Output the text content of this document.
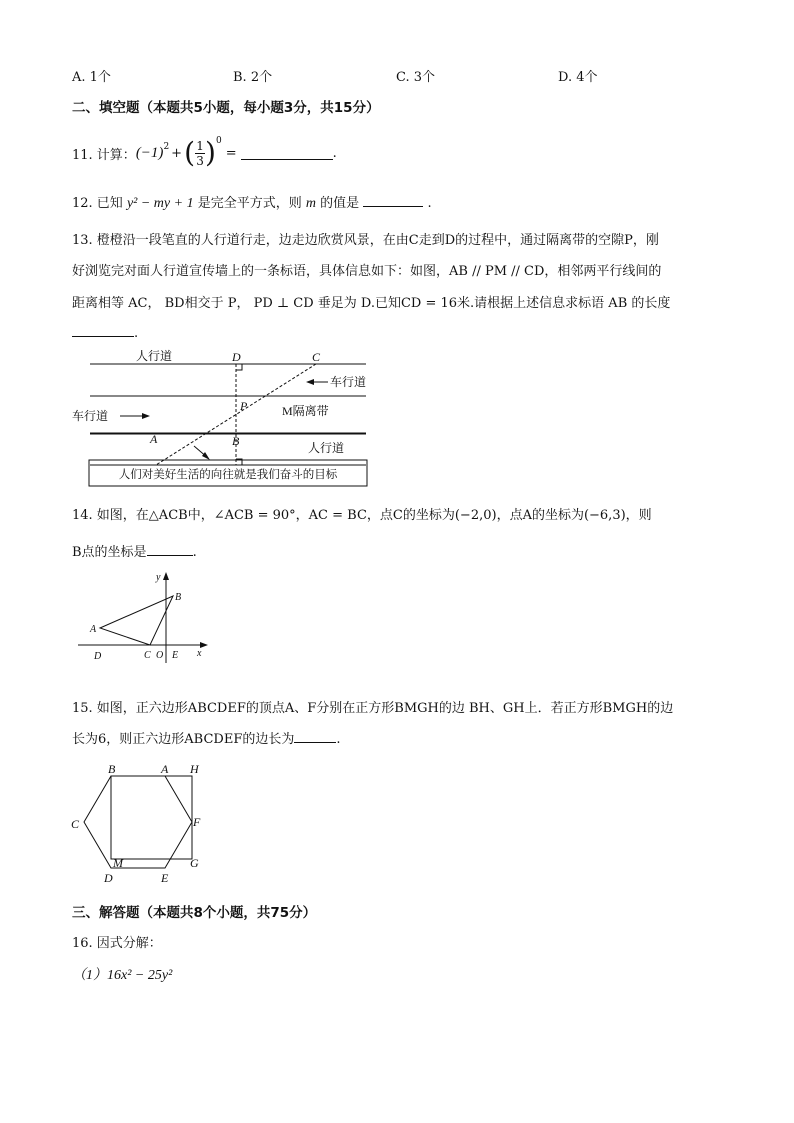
A. 1个	B. 2个	C. 3个	D. 4个
二、填空题（本题共5小题，每小题3分，共15分）
11. 计算： $(-1)^2$ + ( 1
3 )$^0$
=	.
12. 已知 y² − my + 1 是完全平方式，则 m 的值是	.
13. 橙橙沿一段笔直的人行道行走，边走边欣赏风景，在由C走到D的过程中，通过隔离带的空隙P，刚
好浏览完对面人行道宣传墙上的一条标语，具体信息如下：如图，AB // PM // CD，相邻两平行线间的
距离相等 AC， BD相交于 P， PD ⊥ CD 垂足为 D.已知CD = 16米.请根据上述信息求标语 AB 的长度
.
人行道	D	C
车行道
车行道
P	M隔离带
A	B	人行道
人们对美好生活的向往就是我们奋斗的目标
14. 如图，在△ACB中，∠ACB = 90°，AC = BC，点C的坐标为(−2,0)，点A的坐标为(−6,3)，则
B点的坐标是	.
y
x
A
B
C O E
D
15. 如图，正六边形ABCDEF的顶点A、F分别在正方形BMGH的边 BH、GH上．若正方形BMGH的边
长为6，则正六边形ABCDEF的边长为	.
B	A H
C	F
M	G
D	E
三、解答题（本题共8个小题，共75分）
16. 因式分解：
（1）16x² − 25y²
